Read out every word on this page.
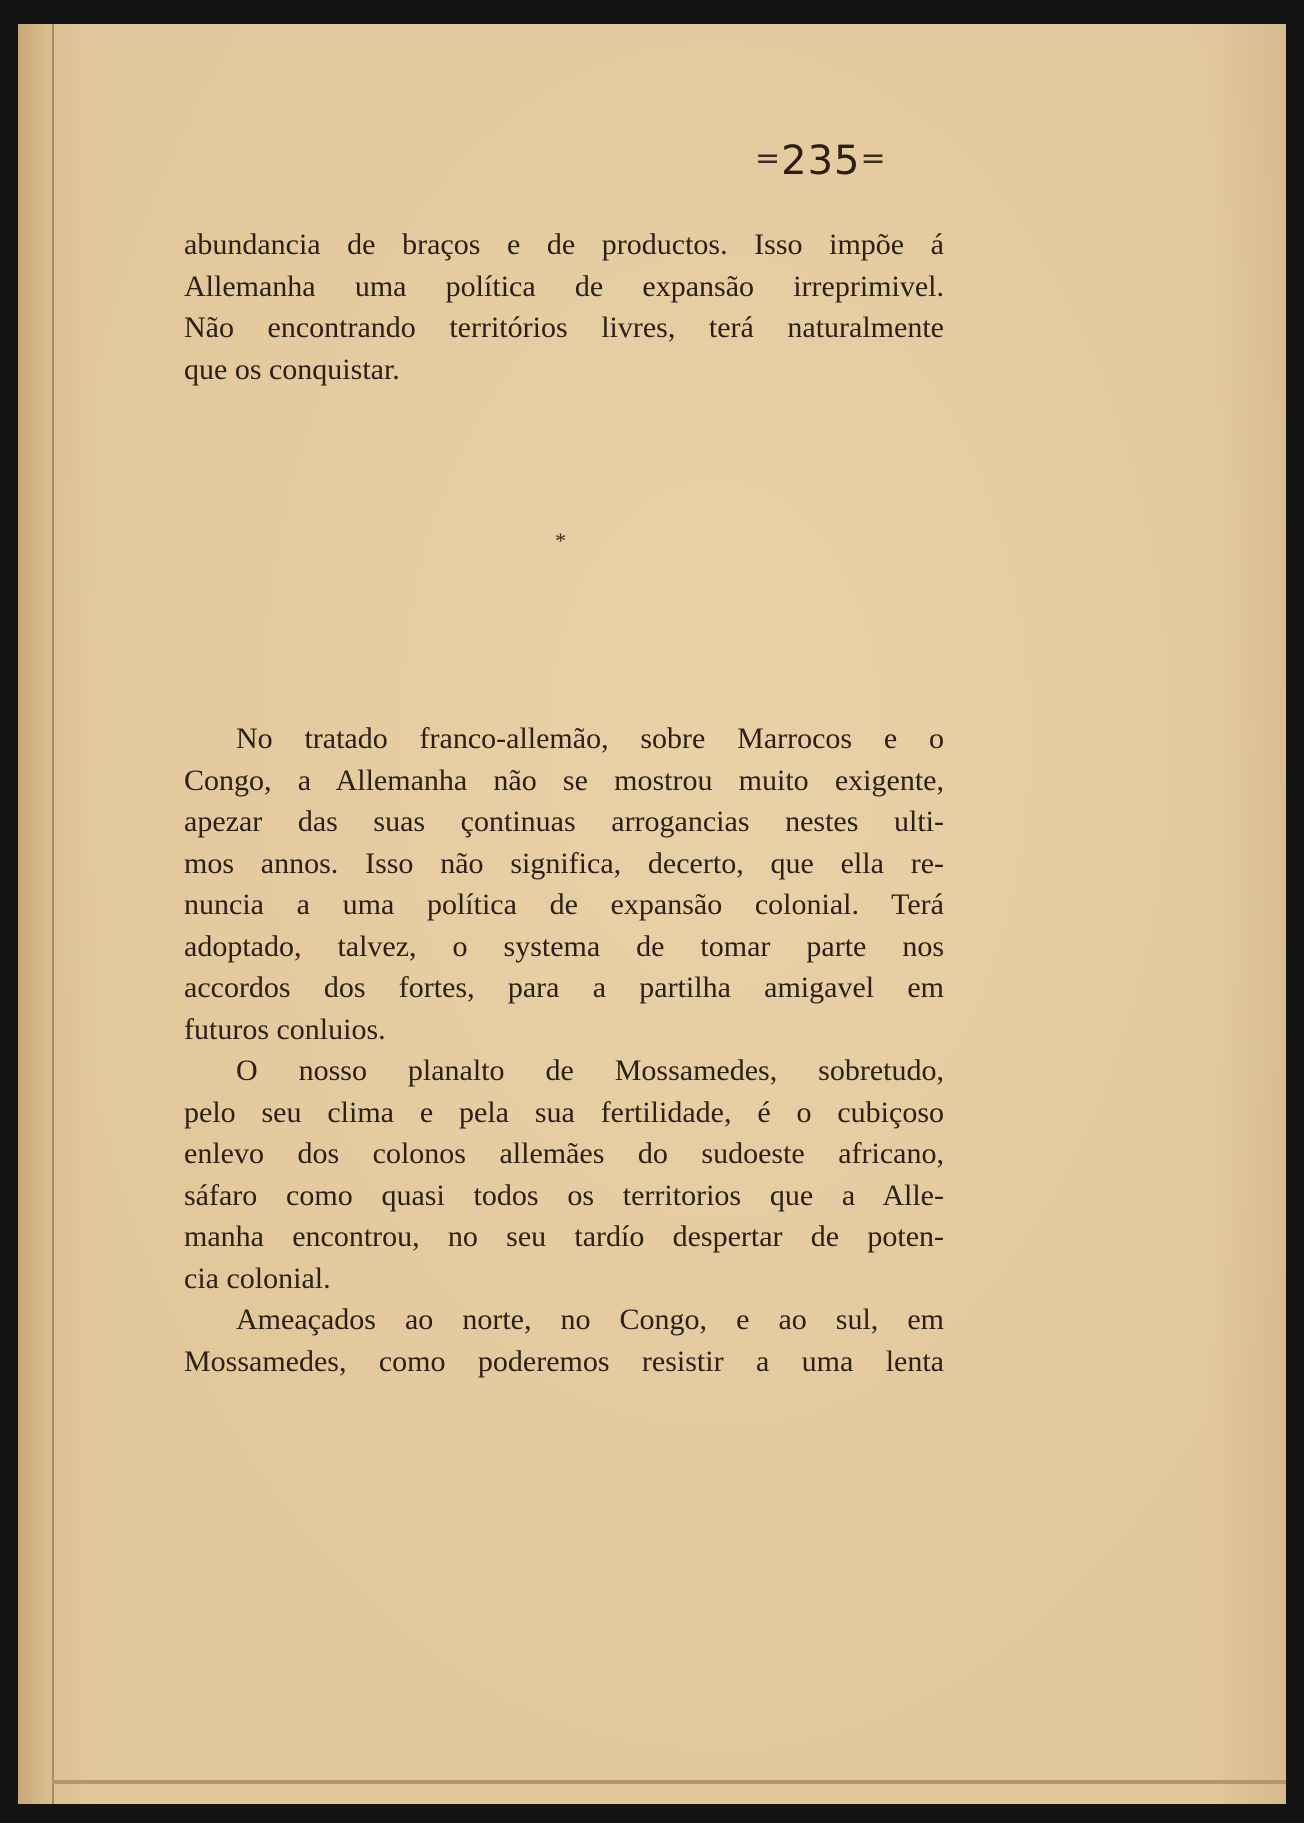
=235=
abundancia de braços e de productos. Isso impõe á
Allemanha uma política de expansão irreprimivel.
Não encontrando territórios livres, terá naturalmente
que os conquistar.
*
No tratado franco-allemão, sobre Marrocos e o
Congo, a Allemanha não se mostrou muito exigente,
apezar das suas çontinuas arrogancias nestes ulti-
mos annos. Isso não significa, decerto, que ella re-
nuncia a uma política de expansão colonial. Terá
adoptado, talvez, o systema de tomar parte nos
accordos dos fortes, para a partilha amigavel em
futuros conluios.
O nosso planalto de Mossamedes, sobretudo,
pelo seu clima e pela sua fertilidade, é o cubiçoso
enlevo dos colonos allemães do sudoeste africano,
sáfaro como quasi todos os territorios que a Alle-
manha encontrou, no seu tardío despertar de poten-
cia colonial.
Ameaçados ao norte, no Congo, e ao sul, em
Mossamedes, como poderemos resistir a uma lenta
